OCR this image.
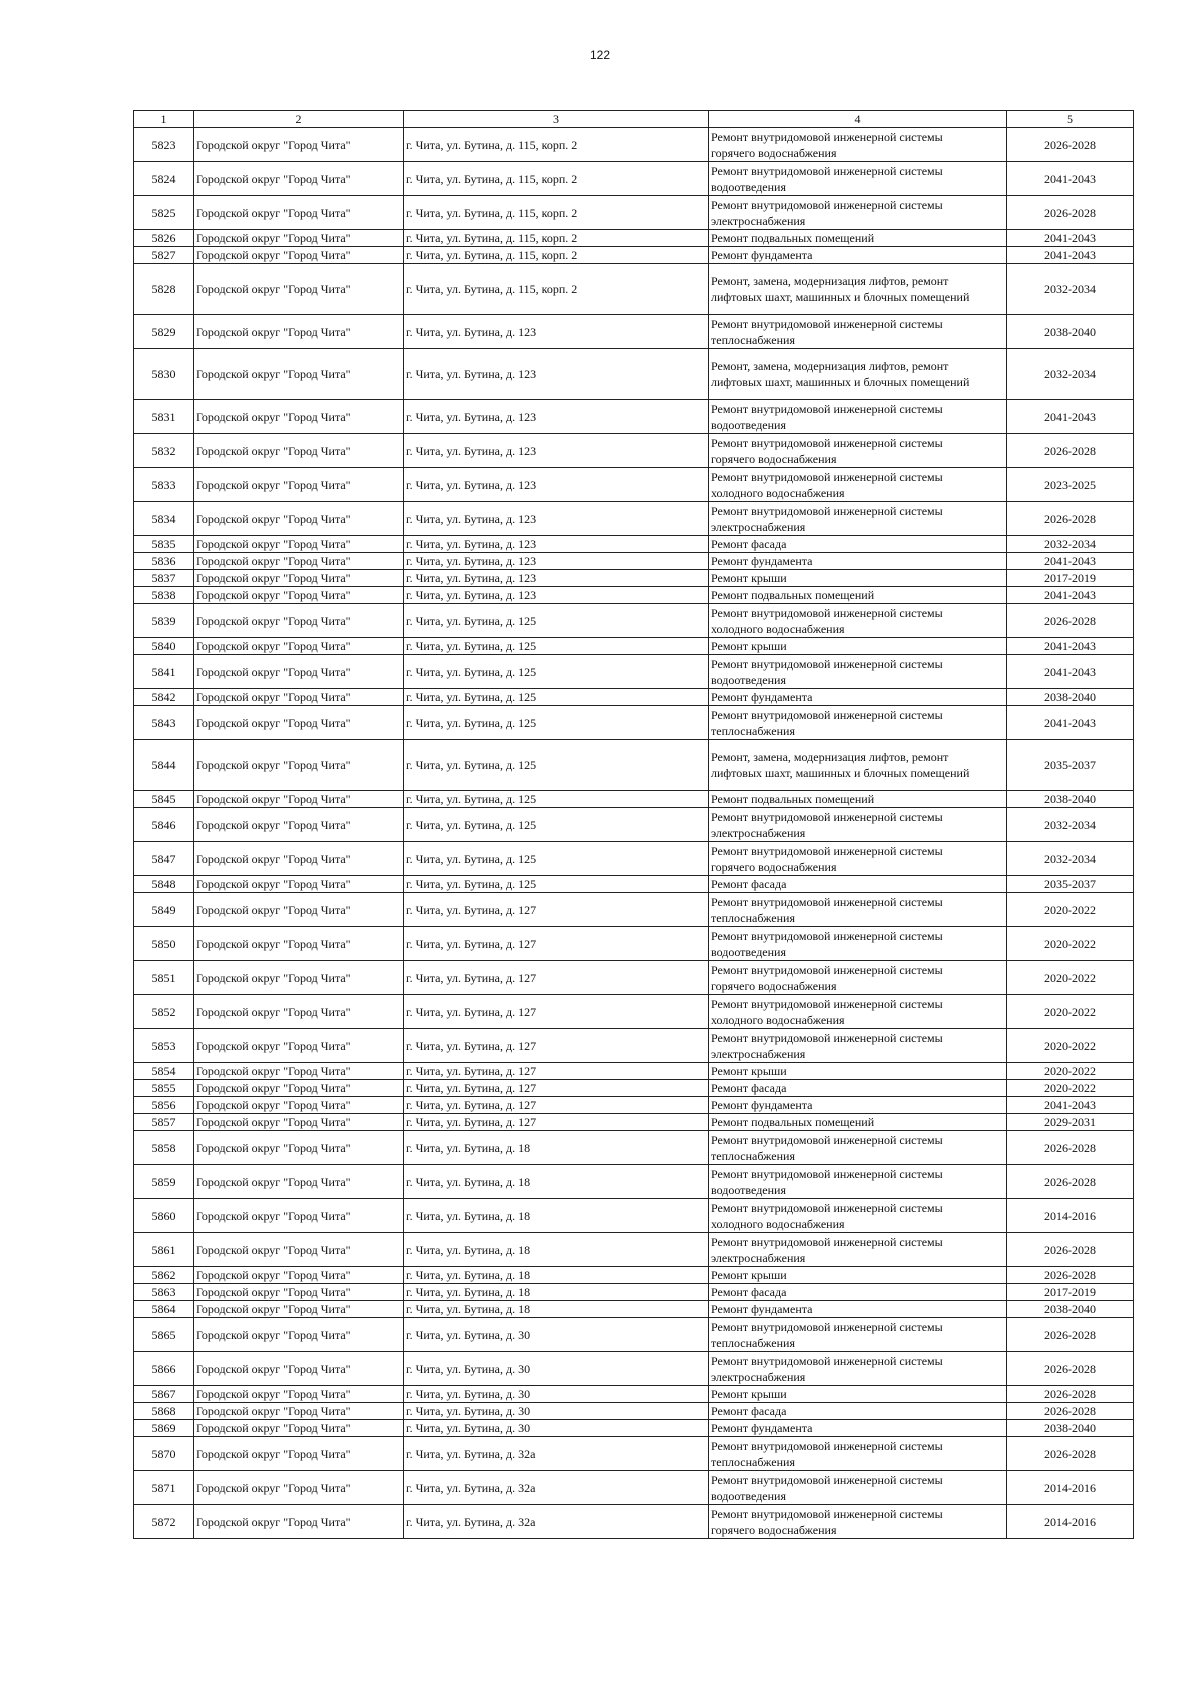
122
1	2	3	4	5
5823	Городской округ "Город Чита"	г. Чита, ул. Бутина, д. 115, корп. 2	Ремонт внутридомовой инженерной системы
горячего водоснабжения	2026-2028
5824	Городской округ "Город Чита"	г. Чита, ул. Бутина, д. 115, корп. 2	Ремонт внутридомовой инженерной системы
водоотведения	2041-2043
5825	Городской округ "Город Чита"	г. Чита, ул. Бутина, д. 115, корп. 2	Ремонт внутридомовой инженерной системы
электроснабжения	2026-2028
5826	Городской округ "Город Чита"	г. Чита, ул. Бутина, д. 115, корп. 2	Ремонт подвальных помещений	2041-2043
5827	Городской округ "Город Чита"	г. Чита, ул. Бутина, д. 115, корп. 2	Ремонт фундамента	2041-2043
5828	Городской округ "Город Чита"	г. Чита, ул. Бутина, д. 115, корп. 2	Ремонт, замена, модернизация лифтов, ремонт
лифтовых шахт, машинных и блочных помещений	2032-2034
5829	Городской округ "Город Чита"	г. Чита, ул. Бутина, д. 123	Ремонт внутридомовой инженерной системы
теплоснабжения	2038-2040
5830	Городской округ "Город Чита"	г. Чита, ул. Бутина, д. 123	Ремонт, замена, модернизация лифтов, ремонт
лифтовых шахт, машинных и блочных помещений	2032-2034
5831	Городской округ "Город Чита"	г. Чита, ул. Бутина, д. 123	Ремонт внутридомовой инженерной системы
водоотведения	2041-2043
5832	Городской округ "Город Чита"	г. Чита, ул. Бутина, д. 123	Ремонт внутридомовой инженерной системы
горячего водоснабжения	2026-2028
5833	Городской округ "Город Чита"	г. Чита, ул. Бутина, д. 123	Ремонт внутридомовой инженерной системы
холодного водоснабжения	2023-2025
5834	Городской округ "Город Чита"	г. Чита, ул. Бутина, д. 123	Ремонт внутридомовой инженерной системы
электроснабжения	2026-2028
5835	Городской округ "Город Чита"	г. Чита, ул. Бутина, д. 123	Ремонт фасада	2032-2034
5836	Городской округ "Город Чита"	г. Чита, ул. Бутина, д. 123	Ремонт фундамента	2041-2043
5837	Городской округ "Город Чита"	г. Чита, ул. Бутина, д. 123	Ремонт крыши	2017-2019
5838	Городской округ "Город Чита"	г. Чита, ул. Бутина, д. 123	Ремонт подвальных помещений	2041-2043
5839	Городской округ "Город Чита"	г. Чита, ул. Бутина, д. 125	Ремонт внутридомовой инженерной системы
холодного водоснабжения	2026-2028
5840	Городской округ "Город Чита"	г. Чита, ул. Бутина, д. 125	Ремонт крыши	2041-2043
5841	Городской округ "Город Чита"	г. Чита, ул. Бутина, д. 125	Ремонт внутридомовой инженерной системы
водоотведения	2041-2043
5842	Городской округ "Город Чита"	г. Чита, ул. Бутина, д. 125	Ремонт фундамента	2038-2040
5843	Городской округ "Город Чита"	г. Чита, ул. Бутина, д. 125	Ремонт внутридомовой инженерной системы
теплоснабжения	2041-2043
5844	Городской округ "Город Чита"	г. Чита, ул. Бутина, д. 125	Ремонт, замена, модернизация лифтов, ремонт
лифтовых шахт, машинных и блочных помещений	2035-2037
5845	Городской округ "Город Чита"	г. Чита, ул. Бутина, д. 125	Ремонт подвальных помещений	2038-2040
5846	Городской округ "Город Чита"	г. Чита, ул. Бутина, д. 125	Ремонт внутридомовой инженерной системы
электроснабжения	2032-2034
5847	Городской округ "Город Чита"	г. Чита, ул. Бутина, д. 125	Ремонт внутридомовой инженерной системы
горячего водоснабжения	2032-2034
5848	Городской округ "Город Чита"	г. Чита, ул. Бутина, д. 125	Ремонт фасада	2035-2037
5849	Городской округ "Город Чита"	г. Чита, ул. Бутина, д. 127	Ремонт внутридомовой инженерной системы
теплоснабжения	2020-2022
5850	Городской округ "Город Чита"	г. Чита, ул. Бутина, д. 127	Ремонт внутридомовой инженерной системы
водоотведения	2020-2022
5851	Городской округ "Город Чита"	г. Чита, ул. Бутина, д. 127	Ремонт внутридомовой инженерной системы
горячего водоснабжения	2020-2022
5852	Городской округ "Город Чита"	г. Чита, ул. Бутина, д. 127	Ремонт внутридомовой инженерной системы
холодного водоснабжения	2020-2022
5853	Городской округ "Город Чита"	г. Чита, ул. Бутина, д. 127	Ремонт внутридомовой инженерной системы
электроснабжения	2020-2022
5854	Городской округ "Город Чита"	г. Чита, ул. Бутина, д. 127	Ремонт крыши	2020-2022
5855	Городской округ "Город Чита"	г. Чита, ул. Бутина, д. 127	Ремонт фасада	2020-2022
5856	Городской округ "Город Чита"	г. Чита, ул. Бутина, д. 127	Ремонт фундамента	2041-2043
5857	Городской округ "Город Чита"	г. Чита, ул. Бутина, д. 127	Ремонт подвальных помещений	2029-2031
5858	Городской округ "Город Чита"	г. Чита, ул. Бутина, д. 18	Ремонт внутридомовой инженерной системы
теплоснабжения	2026-2028
5859	Городской округ "Город Чита"	г. Чита, ул. Бутина, д. 18	Ремонт внутридомовой инженерной системы
водоотведения	2026-2028
5860	Городской округ "Город Чита"	г. Чита, ул. Бутина, д. 18	Ремонт внутридомовой инженерной системы
холодного водоснабжения	2014-2016
5861	Городской округ "Город Чита"	г. Чита, ул. Бутина, д. 18	Ремонт внутридомовой инженерной системы
электроснабжения	2026-2028
5862	Городской округ "Город Чита"	г. Чита, ул. Бутина, д. 18	Ремонт крыши	2026-2028
5863	Городской округ "Город Чита"	г. Чита, ул. Бутина, д. 18	Ремонт фасада	2017-2019
5864	Городской округ "Город Чита"	г. Чита, ул. Бутина, д. 18	Ремонт фундамента	2038-2040
5865	Городской округ "Город Чита"	г. Чита, ул. Бутина, д. 30	Ремонт внутридомовой инженерной системы
теплоснабжения	2026-2028
5866	Городской округ "Город Чита"	г. Чита, ул. Бутина, д. 30	Ремонт внутридомовой инженерной системы
электроснабжения	2026-2028
5867	Городской округ "Город Чита"	г. Чита, ул. Бутина, д. 30	Ремонт крыши	2026-2028
5868	Городской округ "Город Чита"	г. Чита, ул. Бутина, д. 30	Ремонт фасада	2026-2028
5869	Городской округ "Город Чита"	г. Чита, ул. Бутина, д. 30	Ремонт фундамента	2038-2040
5870	Городской округ "Город Чита"	г. Чита, ул. Бутина, д. 32а	Ремонт внутридомовой инженерной системы
теплоснабжения	2026-2028
5871	Городской округ "Город Чита"	г. Чита, ул. Бутина, д. 32а	Ремонт внутридомовой инженерной системы
водоотведения	2014-2016
5872	Городской округ "Город Чита"	г. Чита, ул. Бутина, д. 32а	Ремонт внутридомовой инженерной системы
горячего водоснабжения	2014-2016
